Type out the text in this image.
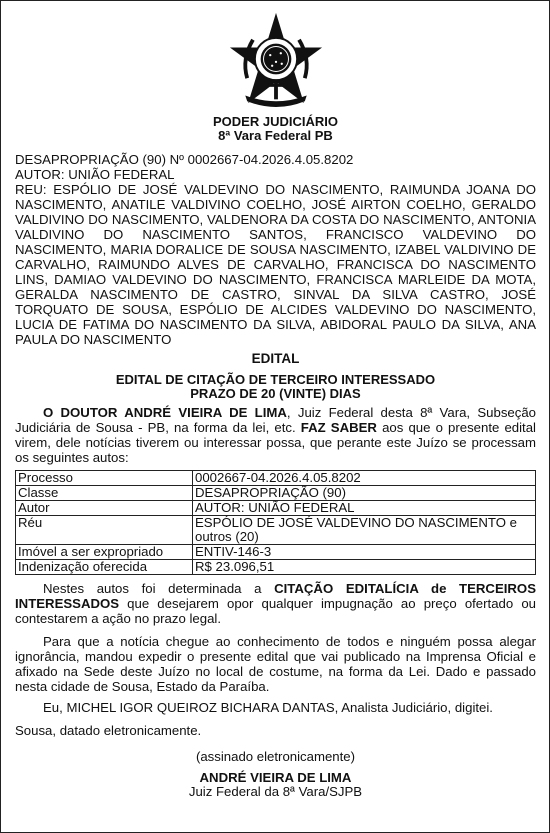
PODER JUDICIÁRIO
8ª Vara Federal PB
DESAPROPRIAÇÃO (90) Nº 0002667-04.2026.4.05.8202
AUTOR: UNIÃO FEDERAL
REU: ESPÓLIO DE JOSÉ VALDEVINO DO NASCIMENTO, RAIMUNDA JOANA DO NASCIMENTO, ANATILE VALDIVINO COELHO, JOSÉ AIRTON COELHO, GERALDO VALDIVINO DO NASCIMENTO, VALDENORA DA COSTA DO NASCIMENTO, ANTONIA VALDIVINO DO NASCIMENTO SANTOS, FRANCISCO VALDEVINO DO NASCIMENTO, MARIA DORALICE DE SOUSA NASCIMENTO, IZABEL VALDIVINO DE CARVALHO, RAIMUNDO ALVES DE CARVALHO, FRANCISCA DO NASCIMENTO LINS, DAMIAO VALDEVINO DO NASCIMENTO, FRANCISCA MARLEIDE DA MOTA, GERALDA NASCIMENTO DE CASTRO, SINVAL DA SILVA CASTRO, JOSÉ TORQUATO DE SOUSA, ESPÓLIO DE ALCIDES VALDEVINO DO NASCIMENTO, LUCIA DE FATIMA DO NASCIMENTO DA SILVA, ABIDORAL PAULO DA SILVA, ANA PAULA DO NASCIMENTO
EDITAL
EDITAL DE CITAÇÃO DE TERCEIRO INTERESSADO
PRAZO DE 20 (VINTE) DIAS
O DOUTOR ANDRÉ VIEIRA DE LIMA, Juiz Federal desta 8ª Vara, Subseção Judiciária de Sousa - PB, na forma da lei, etc. FAZ SABER aos que o presente edital virem, dele notícias tiverem ou interessar possa, que perante este Juízo se processam os seguintes autos:
Processo	0002667-04.2026.4.05.8202
Classe	DESAPROPRIAÇÃO (90)
Autor	AUTOR: UNIÃO FEDERAL
Réu	ESPÓLIO DE JOSÉ VALDEVINO DO NASCIMENTO e outros (20)
Imóvel a ser expropriado	ENTIV-146-3
Indenização oferecida	R$ 23.096,51
Nestes autos foi determinada a CITAÇÃO EDITALÍCIA de TERCEIROS INTERESSADOS que desejarem opor qualquer impugnação ao preço ofertado ou contestarem a ação no prazo legal.
Para que a notícia chegue ao conhecimento de todos e ninguém possa alegar ignorância, mandou expedir o presente edital que vai publicado na Imprensa Oficial e afixado na Sede deste Juízo no local de costume, na forma da Lei. Dado e passado nesta cidade de Sousa, Estado da Paraíba.
Eu, MICHEL IGOR QUEIROZ BICHARA DANTAS, Analista Judiciário, digitei.
Sousa, datado eletronicamente.
(assinado eletronicamente)
ANDRÉ VIEIRA DE LIMA
Juiz Federal da 8ª Vara/SJPB
